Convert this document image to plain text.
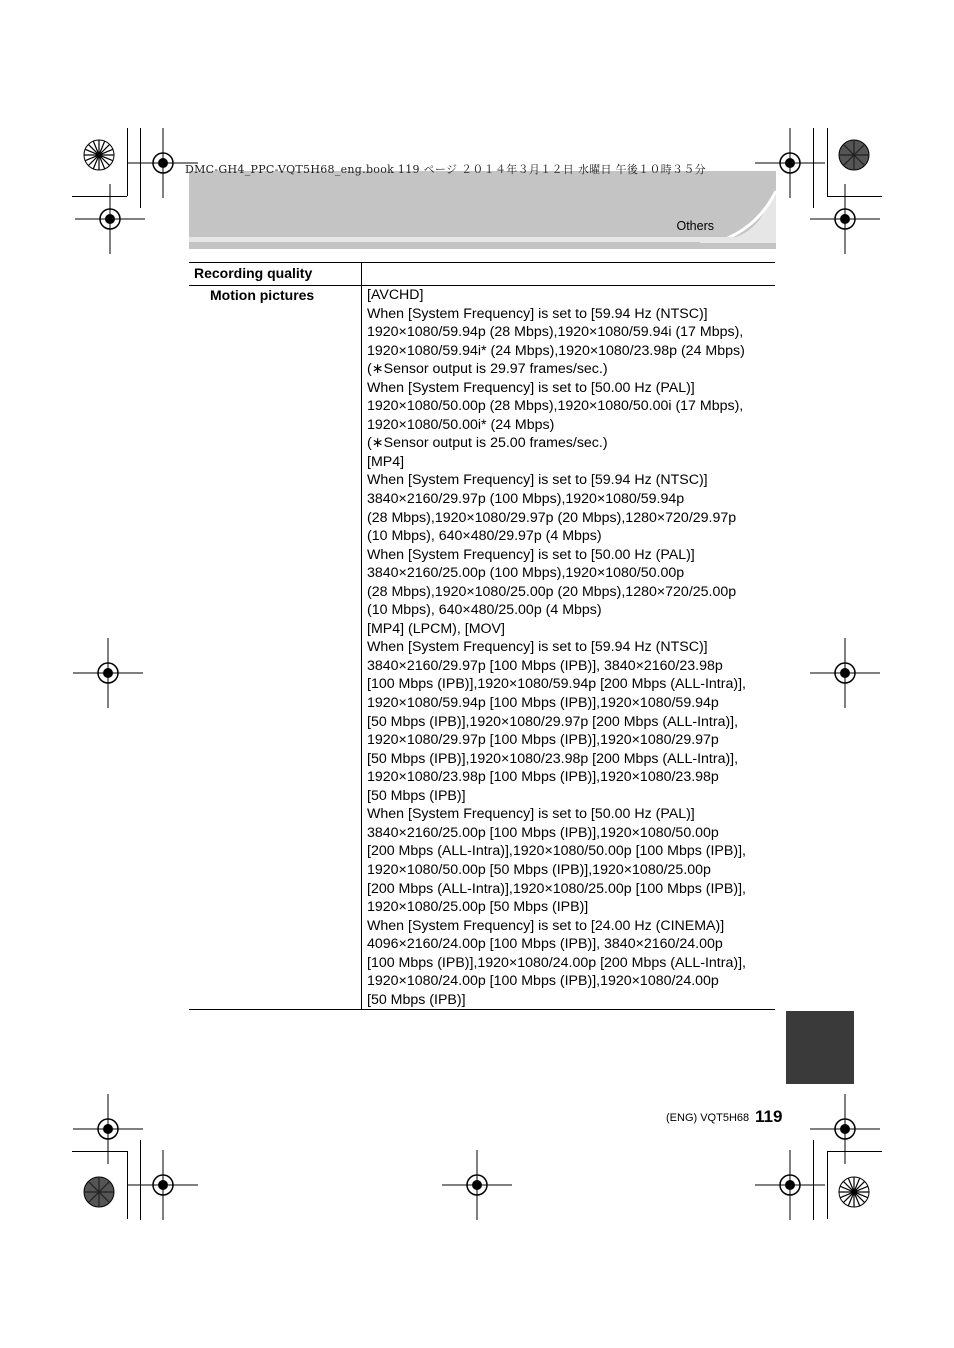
DMC-GH4_PPC-VQT5H68_eng.book 119 ページ ２０１４年３月１２日 水曜日 午後１０時３５分
Others
Recording quality
Motion pictures	[AVCHD]
When [System Frequency] is set to [59.94 Hz (NTSC)]
1920×1080/59.94p (28 Mbps),1920×1080/59.94i (17 Mbps),
1920×1080/59.94i* (24 Mbps),1920×1080/23.98p (24 Mbps)
(∗Sensor output is 29.97 frames/sec.)
When [System Frequency] is set to [50.00 Hz (PAL)]
1920×1080/50.00p (28 Mbps),1920×1080/50.00i (17 Mbps),
1920×1080/50.00i* (24 Mbps)
(∗Sensor output is 25.00 frames/sec.)
[MP4]
When [System Frequency] is set to [59.94 Hz (NTSC)]
3840×2160/29.97p (100 Mbps),1920×1080/59.94p
(28 Mbps),1920×1080/29.97p (20 Mbps),1280×720/29.97p
(10 Mbps), 640×480/29.97p (4 Mbps)
When [System Frequency] is set to [50.00 Hz (PAL)]
3840×2160/25.00p (100 Mbps),1920×1080/50.00p
(28 Mbps),1920×1080/25.00p (20 Mbps),1280×720/25.00p
(10 Mbps), 640×480/25.00p (4 Mbps)
[MP4] (LPCM), [MOV]
When [System Frequency] is set to [59.94 Hz (NTSC)]
3840×2160/29.97p [100 Mbps (IPB)], 3840×2160/23.98p
[100 Mbps (IPB)],1920×1080/59.94p [200 Mbps (ALL-Intra)],
1920×1080/59.94p [100 Mbps (IPB)],1920×1080/59.94p
[50 Mbps (IPB)],1920×1080/29.97p [200 Mbps (ALL-Intra)],
1920×1080/29.97p [100 Mbps (IPB)],1920×1080/29.97p
[50 Mbps (IPB)],1920×1080/23.98p [200 Mbps (ALL-Intra)],
1920×1080/23.98p [100 Mbps (IPB)],1920×1080/23.98p
[50 Mbps (IPB)]
When [System Frequency] is set to [50.00 Hz (PAL)]
3840×2160/25.00p [100 Mbps (IPB)],1920×1080/50.00p
[200 Mbps (ALL-Intra)],1920×1080/50.00p [100 Mbps (IPB)],
1920×1080/50.00p [50 Mbps (IPB)],1920×1080/25.00p
[200 Mbps (ALL-Intra)],1920×1080/25.00p [100 Mbps (IPB)],
1920×1080/25.00p [50 Mbps (IPB)]
When [System Frequency] is set to [24.00 Hz (CINEMA)]
4096×2160/24.00p [100 Mbps (IPB)], 3840×2160/24.00p
[100 Mbps (IPB)],1920×1080/24.00p [200 Mbps (ALL-Intra)],
1920×1080/24.00p [100 Mbps (IPB)],1920×1080/24.00p
[50 Mbps (IPB)]
(ENG) VQT5H68 119
